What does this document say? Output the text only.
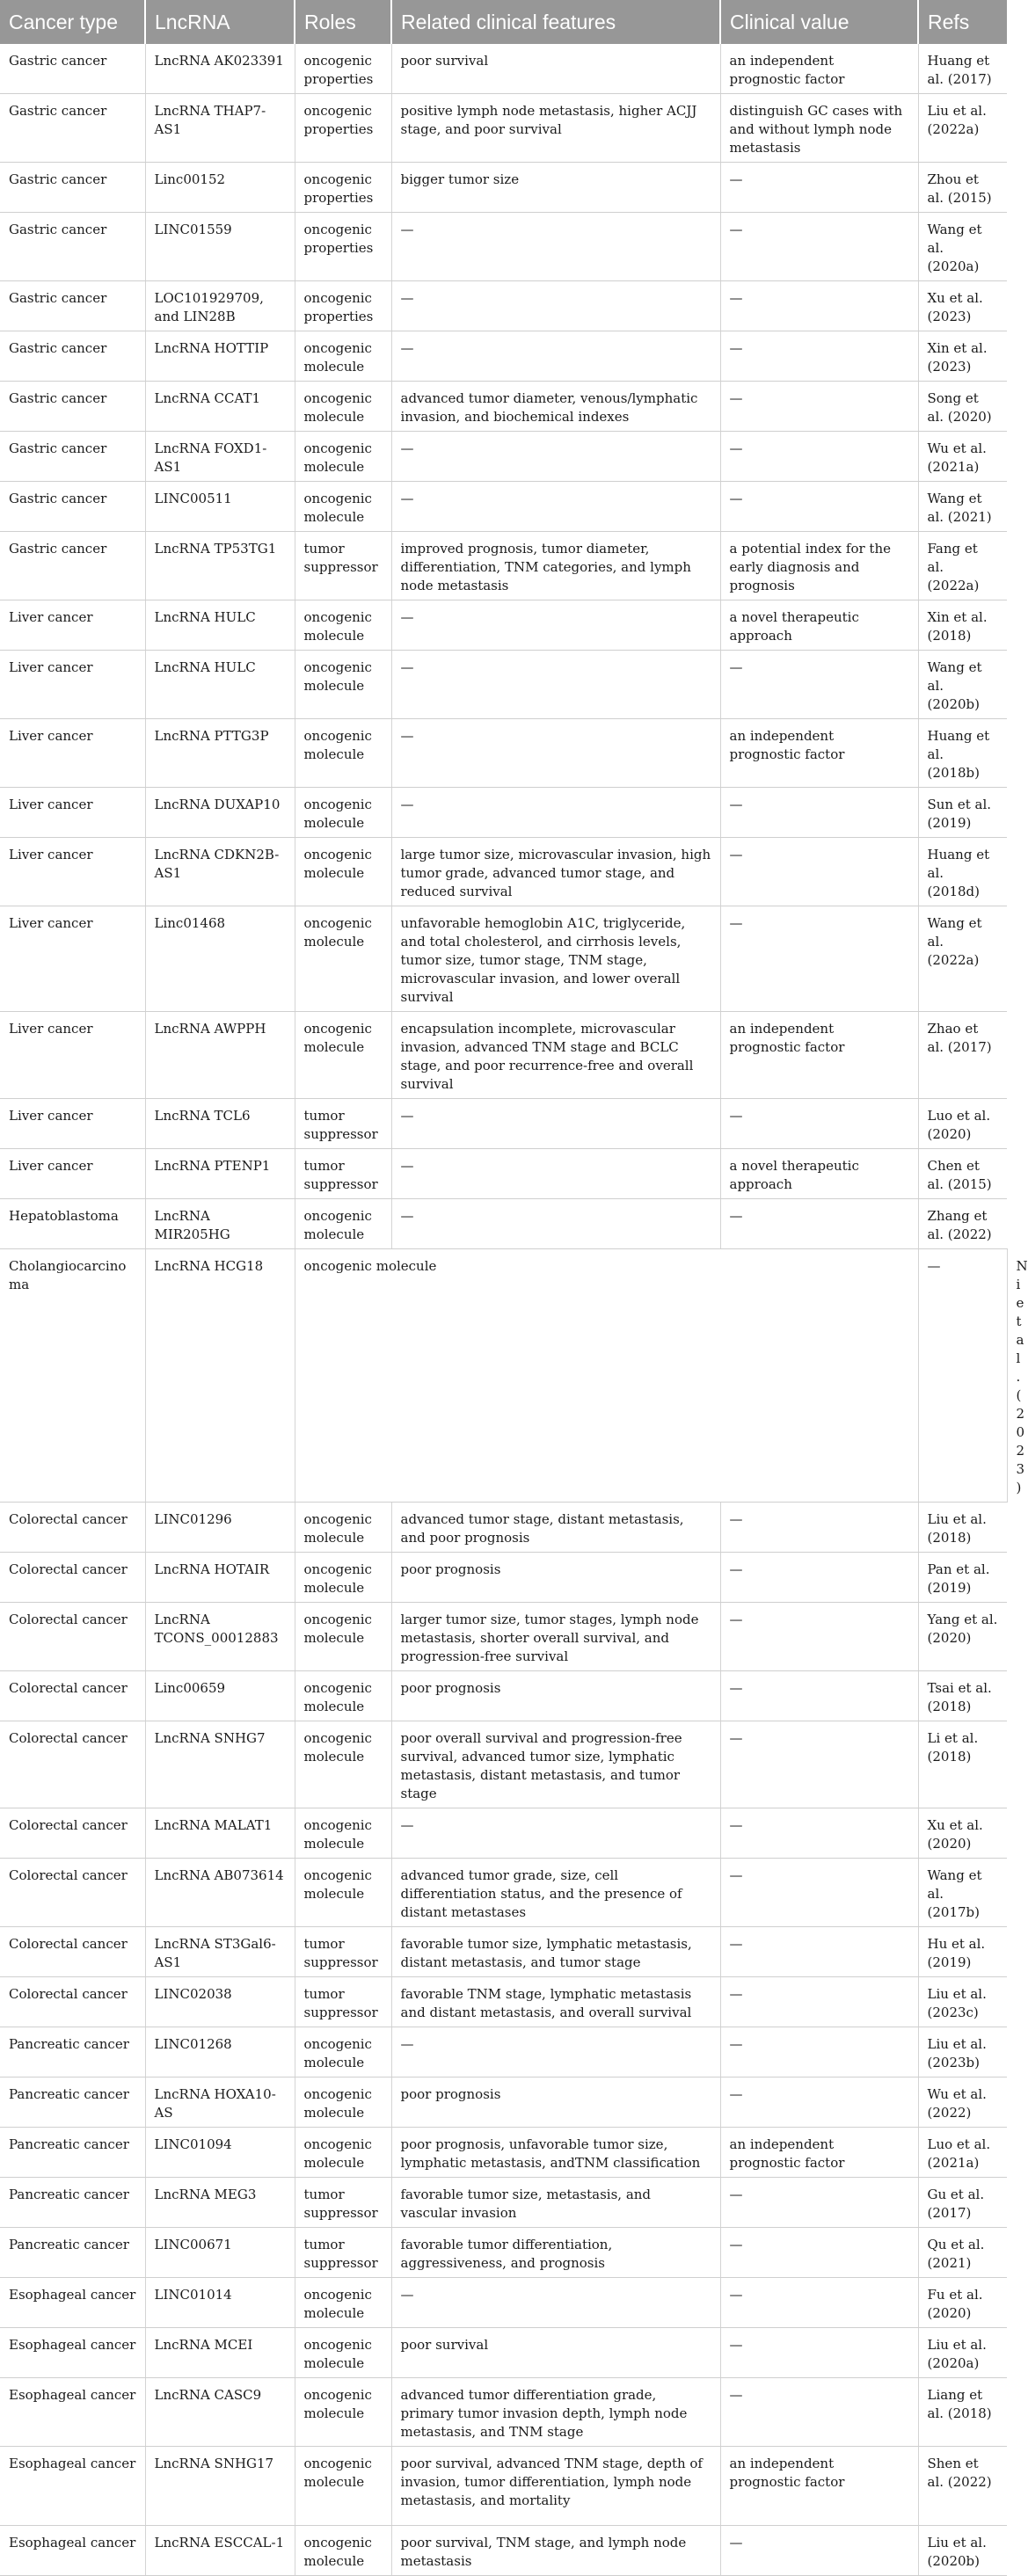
Cancer type	LncRNA	Roles	Related clinical features	Clinical value	Refs	
Gastric cancer	LncRNA AK023391	oncogenic properties	poor survival	an independent prognostic factor	Huang et al. (2017)	
Gastric cancer	LncRNA THAP7-AS1	oncogenic properties	positive lymph node metastasis, higher ACJJ stage, and poor survival	distinguish GC cases with and without lymph node metastasis	Liu et al. (2022a)	
Gastric cancer	Linc00152	oncogenic properties	bigger tumor size	—	Zhou et al. (2015)	
Gastric cancer	LINC01559	oncogenic properties	—	—	Wang et al. (2020a)	
Gastric cancer	LOC101929709, and LIN28B	oncogenic properties	—	—	Xu et al. (2023)	
Gastric cancer	LncRNA HOTTIP	oncogenic molecule	—	—	Xin et al. (2023)	
Gastric cancer	LncRNA CCAT1	oncogenic molecule	advanced tumor diameter, venous/lymphatic invasion, and biochemical indexes	—	Song et al. (2020)	
Gastric cancer	LncRNA FOXD1-AS1	oncogenic molecule	—	—	Wu et al. (2021a)	
Gastric cancer	LINC00511	oncogenic molecule	—	—	Wang et al. (2021)	
Gastric cancer	LncRNA TP53TG1	tumor suppressor	improved prognosis, tumor diameter, differentiation, TNM categories, and lymph node metastasis	a potential index for the early diagnosis and prognosis	Fang et al. (2022a)	
Liver cancer	LncRNA HULC	oncogenic molecule	—	a novel therapeutic approach	Xin et al. (2018)	
Liver cancer	LncRNA HULC	oncogenic molecule	—	—	Wang et al. (2020b)	
Liver cancer	LncRNA PTTG3P	oncogenic molecule	—	an independent prognostic factor	Huang et al. (2018b)	
Liver cancer	LncRNA DUXAP10	oncogenic molecule	—	—	Sun et al. (2019)	
Liver cancer	LncRNA CDKN2B-AS1	oncogenic molecule	large tumor size, microvascular invasion, high tumor grade, advanced tumor stage, and reduced survival	—	Huang et al. (2018d)	
Liver cancer	Linc01468	oncogenic molecule	unfavorable hemoglobin A1C, triglyceride, and total cholesterol, and cirrhosis levels, tumor size, tumor stage, TNM stage, microvascular invasion, and lower overall survival	—	Wang et al. (2022a)	
Liver cancer	LncRNA AWPPH	oncogenic molecule	encapsulation incomplete, microvascular invasion, advanced TNM stage and BCLC stage, and poor recurrence-free and overall survival	an independent prognostic factor	Zhao et al. (2017)	
Liver cancer	LncRNA TCL6	tumor suppressor	—	—	Luo et al. (2020)	
Liver cancer	LncRNA PTENP1	tumor suppressor	—	a novel therapeutic approach	Chen et al. (2015)	
Hepatoblastoma	LncRNA MIR205HG	oncogenic molecule	—	—	Zhang et al. (2022)	
Cholangiocarcinoma	LncRNA HCG18	oncogenic molecule			—	Ni et al. (2023)
Colorectal cancer	LINC01296	oncogenic molecule	advanced tumor stage, distant metastasis, and poor prognosis	—	Liu et al. (2018)	
Colorectal cancer	LncRNA HOTAIR	oncogenic molecule	poor prognosis	—	Pan et al. (2019)	
Colorectal cancer	LncRNA TCONS_00012883	oncogenic molecule	larger tumor size, tumor stages, lymph node metastasis, shorter overall survival, and progression-free survival	—	Yang et al. (2020)	
Colorectal cancer	Linc00659	oncogenic molecule	poor prognosis	—	Tsai et al. (2018)	
Colorectal cancer	LncRNA SNHG7	oncogenic molecule	poor overall survival and progression-free survival, advanced tumor size, lymphatic metastasis, distant metastasis, and tumor stage	—	Li et al. (2018)	
Colorectal cancer	LncRNA MALAT1	oncogenic molecule	—	—	Xu et al. (2020)	
Colorectal cancer	LncRNA AB073614	oncogenic molecule	advanced tumor grade, size, cell differentiation status, and the presence of distant metastases	—	Wang et al. (2017b)	
Colorectal cancer	LncRNA ST3Gal6-AS1	tumor suppressor	favorable tumor size, lymphatic metastasis, distant metastasis, and tumor stage	—	Hu et al. (2019)	
Colorectal cancer	LINC02038	tumor suppressor	favorable TNM stage, lymphatic metastasis and distant metastasis, and overall survival	—	Liu et al. (2023c)	
Pancreatic cancer	LINC01268	oncogenic molecule	—	—	Liu et al. (2023b)	
Pancreatic cancer	LncRNA HOXA10-AS	oncogenic molecule	poor prognosis	—	Wu et al. (2022)	
Pancreatic cancer	LINC01094	oncogenic molecule	poor prognosis, unfavorable tumor size, lymphatic metastasis, andTNM classification	an independent prognostic factor	Luo et al. (2021a)	
Pancreatic cancer	LncRNA MEG3	tumor suppressor	favorable tumor size, metastasis, and vascular invasion	—	Gu et al. (2017)	
Pancreatic cancer	LINC00671	tumor suppressor	favorable tumor differentiation, aggressiveness, and prognosis	—	Qu et al. (2021)	
Esophageal cancer	LINC01014	oncogenic molecule	—	—	Fu et al. (2020)	
Esophageal cancer	LncRNA MCEI	oncogenic molecule	poor survival	—	Liu et al. (2020a)	
Esophageal cancer	LncRNA CASC9	oncogenic molecule	advanced tumor differentiation grade, primary tumor invasion depth, lymph node metastasis, and TNM stage	—	Liang et al. (2018)	
Esophageal cancer	LncRNA SNHG17	oncogenic molecule	poor survival, advanced TNM stage, depth of invasion, tumor differentiation, lymph node metastasis, and mortality	an independent prognostic factor	Shen et al. (2022)	
Esophageal cancer	LncRNA ESCCAL-1	oncogenic molecule	poor survival, TNM stage, and lymph node metastasis	—	Liu et al. (2020b)	
